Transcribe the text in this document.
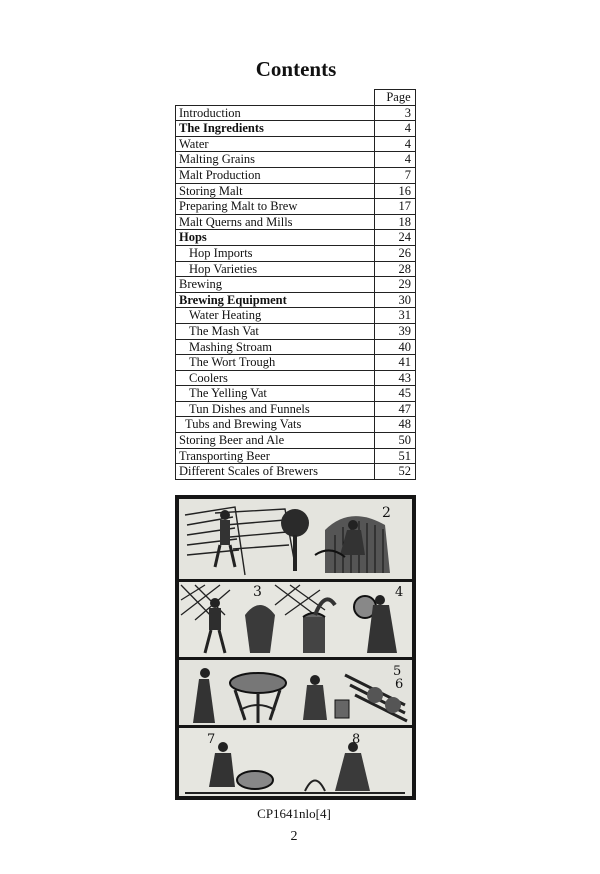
Contents
	Page
Introduction	3
The Ingredients	4
Water	4
Malting Grains	4
Malt Production	7
Storing Malt	16
Preparing Malt to Brew	17
Malt Querns and Mills	18
Hops	24
Hop Imports	26
Hop Varieties	28
Brewing	29
Brewing Equipment	30
Water Heating	31
The Mash Vat	39
Mashing Stroam	40
The Wort Trough	41
Coolers	43
The Yelling Vat	45
Tun Dishes and Funnels	47
Tubs and Brewing Vats	48
Storing Beer and Ale	50
Transporting Beer	51
Different Scales of Brewers	52
2
3	4
5
6
7	8
CP1641nlo[4]
2
